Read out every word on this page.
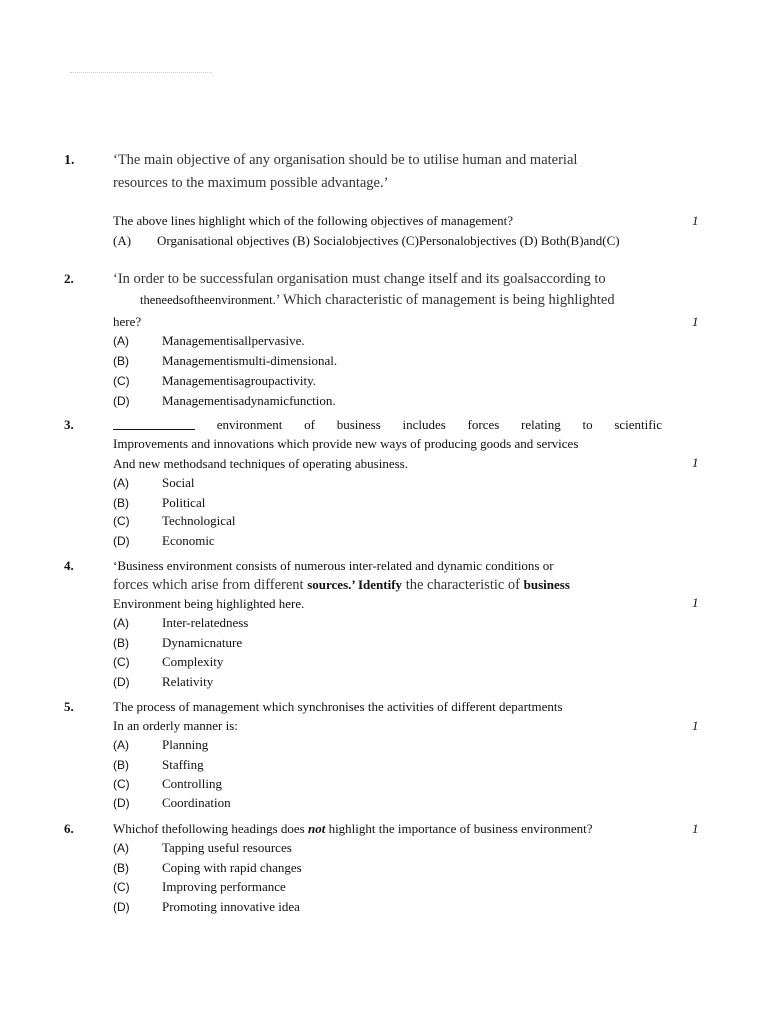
1.	‘The main objective of any organisation should be to utilise human and material
resources to the maximum possible advantage.’
The above lines highlight which of the following objectives of management?	1
(A)        Organisational objectives (B) Socialobjectives (C)Personalobjectives (D) Both(B)and(C)
2.	‘In order to be successfulan organisation must change itself and its goalsaccording to
theneedsoftheenvironment.’ Which characteristic of management is being highlighted
here?	1
(A)	Managementisallpervasive.
(B)	Managementismulti-dimensional.
(C) Managementisagroupactivity.
(D) Managementisadynamicfunction.
3.	environment of business includes forces relating to scientific
Improvements and innovations which provide new ways of producing goods and services
And new methodsand techniques of operating abusiness.	1
(A)	Social
(B)	Political
(C) Technological
(D) Economic
4.	‘Business environment consists of numerous inter-related and dynamic conditions or
forces which arise from different sources.’ Identify the characteristic of business
Environment being highlighted here.	1
(A)	Inter-relatedness
(B)	Dynamicnature
(C) Complexity
(D) Relativity
5.	The process of management which synchronises the activities of different departments
In an orderly manner is:	1
(A)	Planning
(B)	Staffing
(C) Controlling
(D) Coordination
6.	Whichof thefollowing headings does not highlight the importance of business environment?	1
(A)	Tapping useful resources
(B)	Coping with rapid changes
(C) Improving performance
(D) Promoting innovative idea
